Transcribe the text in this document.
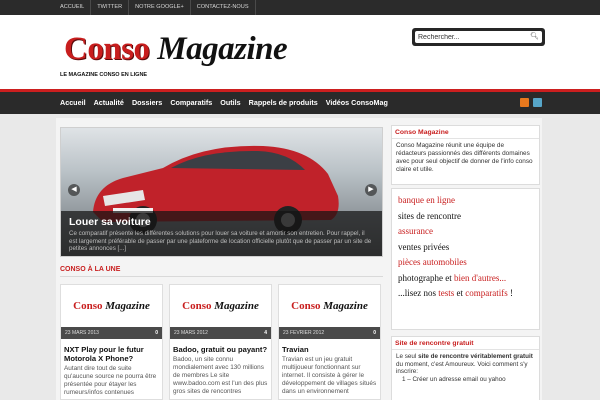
ACCUEIL	TWITTER	NOTRE GOOGLE+	CONTACTEZ-NOUS
Conso Magazine
LE MAGAZINE CONSO EN LIGNE
Rechercher...
🔍︎
Accueil	Actualité	Dossiers	Comparatifs	Outils	Rappels de produits	Vidéos ConsoMag
◀	▶
Louer sa voiture
Ce comparatif présente les différentes solutions pour louer sa voiture et amortir son entretien. Pour rappel, il est largement préférable de passer par une plateforme de location officielle plutôt que de passer par un site de petites annonces [...]
CONSO À LA UNE
Conso
Magazine
23 MARS 2013	0
NXT Play pour le futur Motorola X Phone?
Autant dire tout de suite qu'aucune source ne pourra être présentée pour étayer les rumeurs/infos contenues
Conso
Magazine
23 MARS 2012	4
Badoo, gratuit ou payant?
Badoo, un site connu mondialement avec 130 millions de membres Le site www.badoo.com est l'un des plus gros sites de rencontres
Conso
Magazine
23 FEVRIER 2012	0
Travian
Travian est un jeu gratuit multijoueur fonctionnant sur internet. Il consiste à gérer le développement de villages situés dans un environnement
Conso Magazine
Conso Magazine réunit une équipe de rédacteurs passionnés des différents domaines avec pour seul objectif de donner de l'info conso claire et utile.
banque en ligne
sites de rencontre
assurance
ventes privées
pièces automobiles
photographe et bien d'autres...
...lisez nos tests et comparatifs !
Site de rencontre gratuit
Le seul site de rencontre véritablement gratuit du moment, c'est Amoureux. Voici comment s'y inscrire:
1 – Créer un adresse email ou yahoo
